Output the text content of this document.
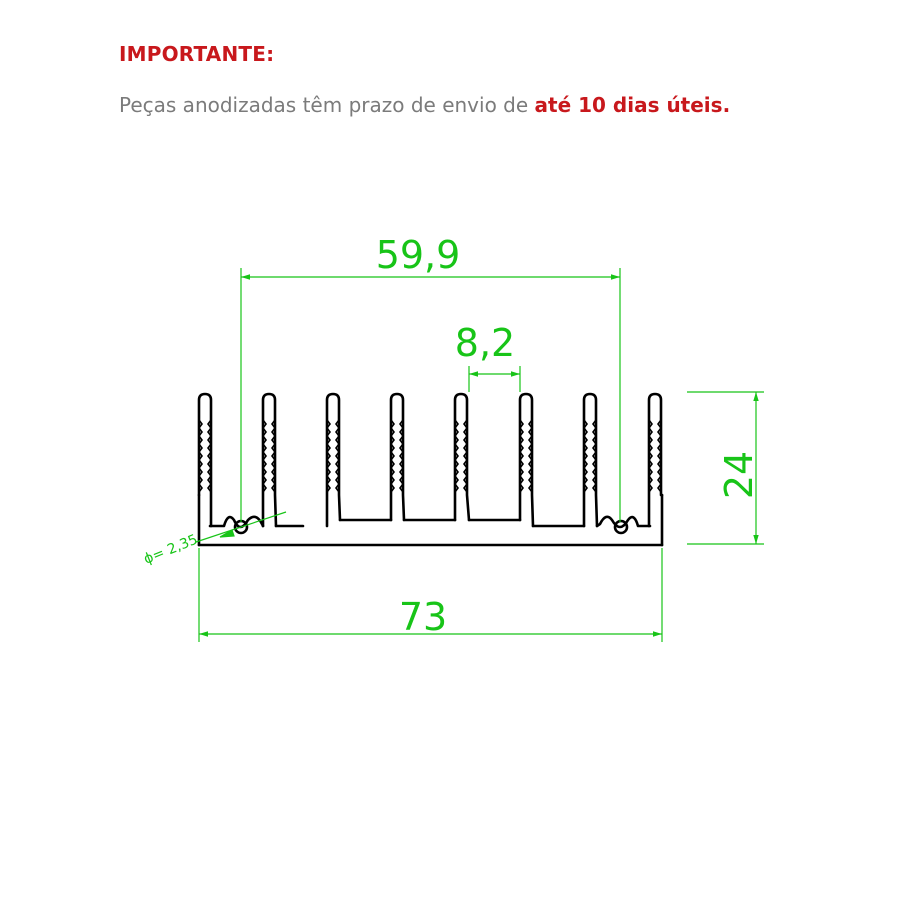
IMPORTANTE:
Peças anodizadas têm prazo de envio de até 10 dias úteis.
59,9
8,2
24
73
ϕ= 2,35
